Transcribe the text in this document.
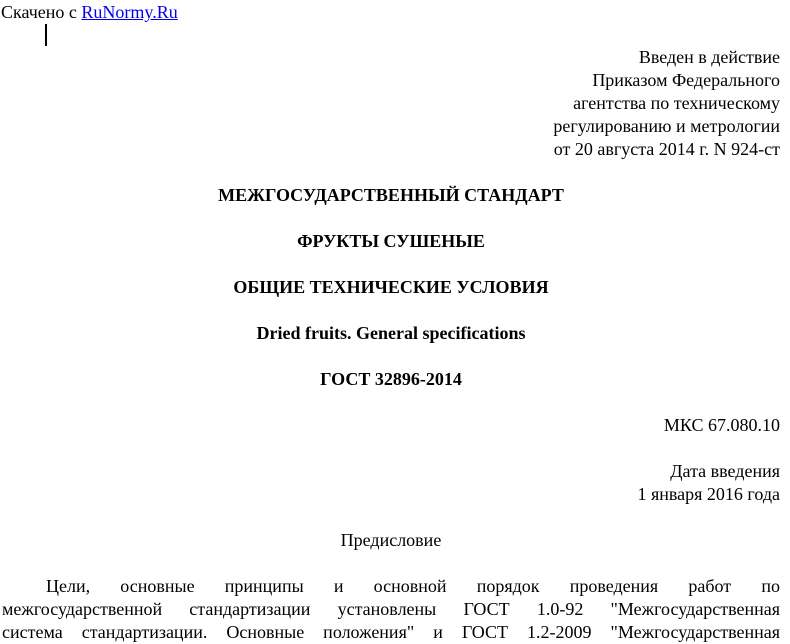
Скачено с RuNormy.Ru
Введен в действие
Приказом Федерального
агентства по техническому
регулированию и метрологии
от 20 августа 2014 г. N 924-ст
МЕЖГОСУДАРСТВЕННЫЙ СТАНДАРТ
ФРУКТЫ СУШЕНЫЕ
ОБЩИЕ ТЕХНИЧЕСКИЕ УСЛОВИЯ
Dried fruits. General specifications
ГОСТ 32896-2014
МКС 67.080.10
Дата введения
1 января 2016 года
Предисловие
Цели, основные принципы и основной порядок проведения работ по
межгосударственной стандартизации установлены ГОСТ 1.0-92 "Межгосударственная
система стандартизации. Основные положения" и ГОСТ 1.2-2009 "Межгосударственная
